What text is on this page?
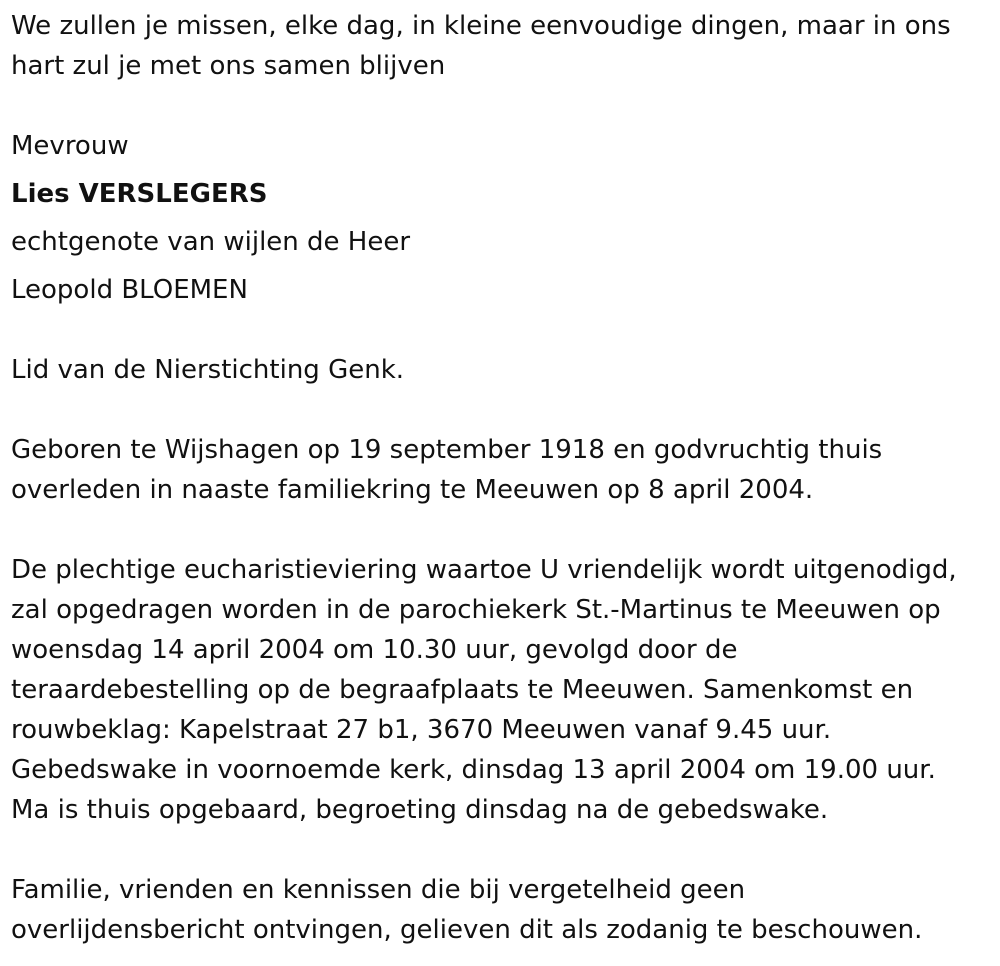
We zullen je missen, elke dag, in kleine eenvoudige dingen, maar in ons

hart zul je met ons samen blijven

Mevrouw

Lies VERSLEGERS

echtgenote van wijlen de Heer

Leopold BLOEMEN

Lid van de Nierstichting Genk.

Geboren te Wijshagen op 19 september 1918 en godvruchtig thuis

overleden in naaste familiekring te Meeuwen op 8 april 2004.

De plechtige eucharistieviering waartoe U vriendelijk wordt uitgenodigd,

zal opgedragen worden in de parochiekerk St.-Martinus te Meeuwen op

woensdag 14 april 2004 om 10.30 uur, gevolgd door de

teraardebestelling op de begraafplaats te Meeuwen. Samenkomst en

rouwbeklag: Kapelstraat 27 b1, 3670 Meeuwen vanaf 9.45 uur.

Gebedswake in voornoemde kerk, dinsdag 13 april 2004 om 19.00 uur.

Ma is thuis opgebaard, begroeting dinsdag na de gebedswake.

Familie, vrienden en kennissen die bij vergetelheid geen

overlijdensbericht ontvingen, gelieven dit als zodanig te beschouwen.
